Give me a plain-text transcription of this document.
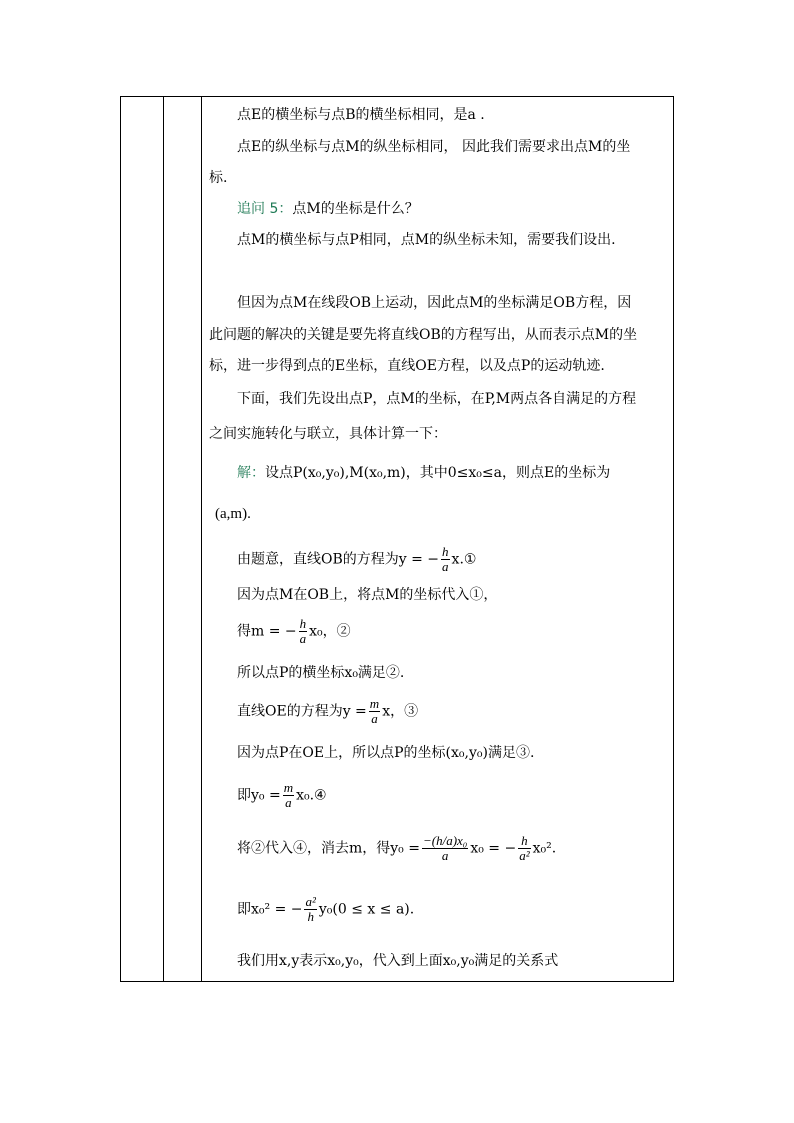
点E的横坐标与点B的横坐标相同，是a .
点E的纵坐标与点M的纵坐标相同， 因此我们需要求出点M的坐
标.
追问 5：点M的坐标是什么？
点M的横坐标与点P相同，点M的纵坐标未知，需要我们设出.
但因为点M在线段OB上运动，因此点M的坐标满足OB方程，因
此问题的解决的关键是要先将直线OB的方程写出，从而表示点M的坐
标，进一步得到点的E坐标，直线OE方程，以及点P的运动轨迹.
下面，我们先设出点P，点M的坐标，在P,M两点各自满足的方程
之间实施转化与联立，具体计算一下：
解：设点P(x₀,y₀),M(x₀,m)，其中0≤x₀≤a，则点E的坐标为
(a,m).
由题意，直线OB的方程为y = − $\frac{h}{a}$ x.①
因为点M在OB上，将点M的坐标代入①，
得m = − $\frac{h}{a} x_0$，②
所以点P的横坐标x₀满足②.
直线OE的方程为$y = \frac{m}{a}$ x，③
因为点P在OE上，所以点P的坐标(x₀,y₀)满足③.
即$y_0 = \frac{m}{a}$ x₀.④
将②代入④，消去m，得$y_0 = \frac{\text{−(h/a)x₀}}{a} x_0$ = − $\frac{h}{\text{a²}} x_0^2$.
即x₀² = − $\frac{\text{a²}}{h} y_0(0 \le x \le a)$.
我们用x,y表示x₀,y₀，代入到上面x₀,y₀满足的关系式
